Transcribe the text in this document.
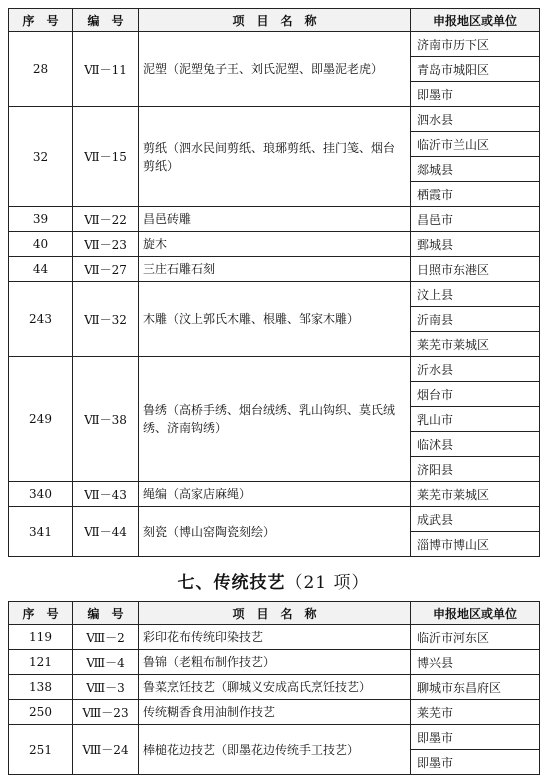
序　号	编　号	项　目　名　称	申报地区或单位
28	Ⅶ－11	泥塑（泥塑兔子王、刘氏泥塑、即墨泥老虎）	济南市历下区
			青岛市城阳区
			即墨市
32	Ⅶ－15	剪纸（泗水民间剪纸、琅琊剪纸、挂门笺、烟台剪纸）	泗水县
			临沂市兰山区
			郯城县
			栖霞市
39	Ⅶ－22	昌邑砖雕	昌邑市
40	Ⅶ－23	旋木	鄄城县
44	Ⅶ－27	三庄石雕石刻	日照市东港区
243	Ⅶ－32	木雕（汶上郭氏木雕、根雕、邹家木雕）	汶上县
			沂南县
			莱芜市莱城区
249	Ⅶ－38	鲁绣（高桥手绣、烟台绒绣、乳山钩织、莫氏绒绣、济南钩绣）	沂水县
			烟台市
			乳山市
			临沭县
			济阳县
340	Ⅶ－43	绳编（高家店麻绳）	莱芜市莱城区
341	Ⅶ－44	刻瓷（博山窑陶瓷刻绘）	成武县
			淄博市博山区
七、传统技艺（21 项）
序　号	编　号	项　目　名　称	申报地区或单位
119	Ⅷ－2	彩印花布传统印染技艺	临沂市河东区
121	Ⅷ－4	鲁锦（老粗布制作技艺）	博兴县
138	Ⅷ－3	鲁菜烹饪技艺（聊城义安成高氏烹饪技艺）	聊城市东昌府区
250	Ⅷ－23	传统糊香食用油制作技艺	莱芜市
251	Ⅷ－24	棒槌花边技艺（即墨花边传统手工技艺）	即墨市
			即墨市
